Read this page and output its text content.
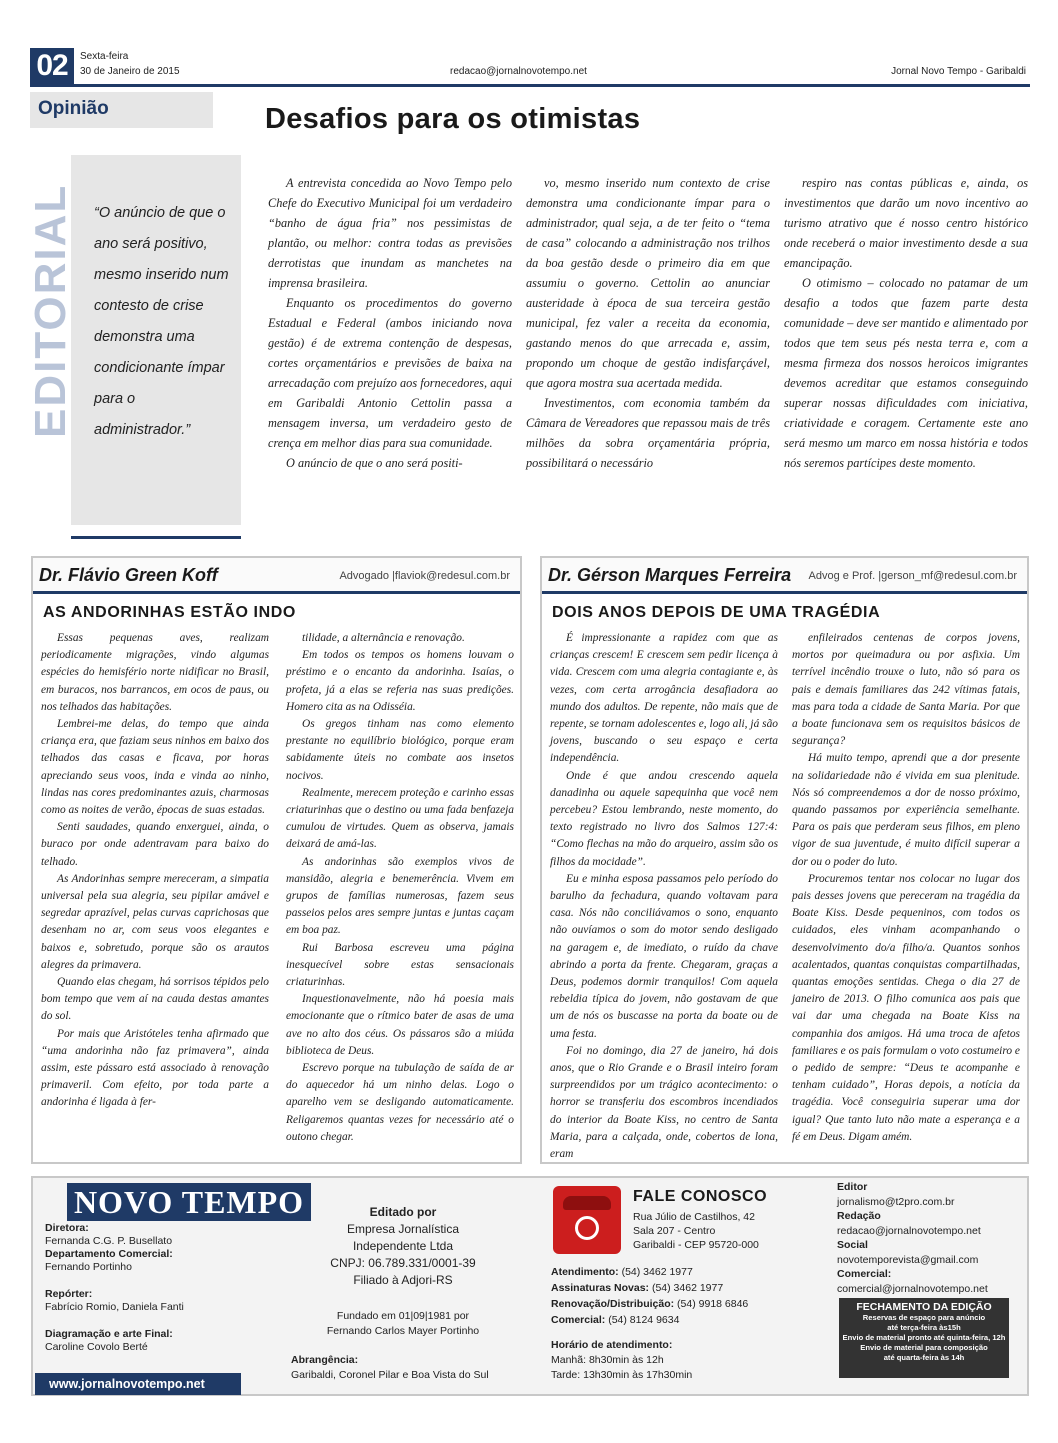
02	Sexta-feira
30 de Janeiro de 2015	redacao@jornalnovotempo.net	Jornal Novo Tempo - Garibaldi
Opinião	Desafios para os otimistas
EDITORIAL “O anúncio de que o ano será positivo, mesmo inserido num contesto de crise demonstra uma condicionante ímpar para o administrador.”

A entrevista concedida ao Novo Tempo pelo Chefe do Executivo Municipal foi um verdadeiro “banho de água fria” nos pessimistas de plantão, ou melhor: contra todas as previsões derrotistas que inundam as manchetes na imprensa brasileira.

Enquanto os procedimentos do governo Estadual e Federal (ambos iniciando nova gestão) é de extrema contenção de despesas, cortes orçamentários e previsões de baixa na arrecadação com prejuízo aos fornecedores, aqui em Garibaldi Antonio Cettolin passa a mensagem inversa, um verdadeiro gesto de crença em melhor dias para sua comunidade.

O anúncio de que o ano será positi-

vo, mesmo inserido num contexto de crise demonstra uma condicionante ímpar para o administrador, qual seja, a de ter feito o “tema de casa” colocando a administração nos trilhos da boa gestão desde o primeiro dia em que assumiu o governo. Cettolin ao anunciar austeridade à época de sua terceira gestão municipal, fez valer a receita da economia, gastando menos do que arrecada e, assim, propondo um choque de gestão indisfarçável, que agora mostra sua acertada medida.

Investimentos, com economia também da Câmara de Vereadores que repassou mais de três milhões da sobra orçamentária própria, possibilitará o necessário

respiro nas contas públicas e, ainda, os investimentos que darão um novo incentivo ao turismo atrativo que é nosso centro histórico onde receberá o maior investimento desde a sua emancipação.

O otimismo – colocado no patamar de um desafio a todos que fazem parte desta comunidade – deve ser mantido e alimentado por todos que tem seus pés nesta terra e, com a mesma firmeza dos nossos heroicos imigrantes devemos acreditar que estamos conseguindo superar nossas dificuldades com iniciativa, criatividade e coragem. Certamente este ano será mesmo um marco em nossa história e todos nós seremos partícipes deste momento.

Dr. Flávio Green Koff	Advogado |flaviok@redesul.com.br
AS ANDORINHAS ESTÃO INDO

Essas pequenas aves, realizam periodicamente migrações, vindo algumas espécies do hemisfério norte nidificar no Brasil, em buracos, nos barrancos, em ocos de paus, ou nos telhados das habitações.

Lembrei-me delas, do tempo que ainda criança era, que faziam seus ninhos em baixo dos telhados das casas e ficava, por horas apreciando seus voos, inda e vinda ao ninho, lindas nas cores predominantes azuis, charmosas como as noites de verão, épocas de suas estadas.

Senti saudades, quando enxerguei, ainda, o buraco por onde adentravam para baixo do telhado.

As Andorinhas sempre mereceram, a simpatia universal pela sua alegria, seu pipilar amável e segredar aprazível, pelas curvas caprichosas que desenham no ar, com seus voos elegantes e baixos e, sobretudo, porque são os arautos alegres da primavera.

Quando elas chegam, há sorrisos tépidos pelo bom tempo que vem aí na cauda destas amantes do sol.

Por mais que Aristóteles tenha afirmado que “uma andorinha não faz primavera”, ainda assim, este pássaro está associado à renovação primaveril. Com efeito, por toda parte a andorinha é ligada à fer-

tilidade, a alternância e renovação.

Em todos os tempos os homens louvam o préstimo e o encanto da andorinha. Isaías, o profeta, já a elas se referia nas suas predições. Homero cita as na Odisséia.

Os gregos tinham nas como elemento prestante no equilíbrio biológico, porque eram sabidamente úteis no combate aos insetos nocivos.

Realmente, merecem proteção e carinho essas criaturinhas que o destino ou uma fada benfazeja cumulou de virtudes. Quem as observa, jamais deixará de amá-las.

As andorinhas são exemplos vivos de mansidão, alegria e benemerência. Vivem em grupos de famílias numerosas, fazem seus passeios pelos ares sempre juntas e juntas caçam em boa paz.

Rui Barbosa escreveu uma página inesquecível sobre estas sensacionais criaturinhas.

Inquestionavelmente, não há poesia mais emocionante que o rítmico bater de asas de uma ave no alto dos céus. Os pássaros são a miúda biblioteca de Deus.

Escrevo porque na tubulação de saída de ar do aquecedor há um ninho delas. Logo o aparelho vem se desligando automaticamente. Religaremos quantas vezes for necessário até o outono chegar.

Dr. Gérson Marques Ferreira Advog e Prof. |gerson_mf@redesul.com.br
DOIS ANOS DEPOIS DE UMA TRAGÉDIA

É impressionante a rapidez com que as crianças crescem! E crescem sem pedir licença à vida. Crescem com uma alegria contagiante e, às vezes, com certa arrogância desafiadora ao mundo dos adultos. De repente, não mais que de repente, se tornam adolescentes e, logo ali, já são jovens, buscando o seu espaço e certa independência.

Onde é que andou crescendo aquela danadinha ou aquele sapequinha que você nem percebeu? Estou lembrando, neste momento, do texto registrado no livro dos Salmos 127:4: “Como flechas na mão do arqueiro, assim são os filhos da mocidade”.

Eu e minha esposa passamos pelo período do barulho da fechadura, quando voltavam para casa. Nós não conciliávamos o sono, enquanto não ouvíamos o som do motor sendo desligado na garagem e, de imediato, o ruído da chave abrindo a porta da frente. Chegaram, graças a Deus, podemos dormir tranquilos! Com aquela rebeldia típica do jovem, não gostavam de que um de nós os buscasse na porta da boate ou de uma festa.

Foi no domingo, dia 27 de janeiro, há dois anos, que o Rio Grande e o Brasil inteiro foram surpreendidos por um trágico acontecimento: o horror se transferiu dos escombros incendiados do interior da Boate Kiss, no centro de Santa Maria, para a calçada, onde, cobertos de lona, eram

enfileirados centenas de corpos jovens, mortos por queimadura ou por asfixia. Um terrível incêndio trouxe o luto, não só para os pais e demais familiares das 242 vítimas fatais, mas para toda a cidade de Santa Maria. Por que a boate funcionava sem os requisitos básicos de segurança?

Há muito tempo, aprendi que a dor presente na solidariedade não é vivida em sua plenitude. Nós só compreendemos a dor de nosso próximo, quando passamos por experiência semelhante. Para os pais que perderam seus filhos, em pleno vigor de sua juventude, é muito difícil superar a dor ou o poder do luto.

Procuremos tentar nos colocar no lugar dos pais desses jovens que pereceram na tragédia da Boate Kiss. Desde pequeninos, com todos os cuidados, eles vinham acompanhando o desenvolvimento do/a filho/a. Quantos sonhos acalentados, quantas conquistas compartilhadas, quantas emoções sentidas. Chega o dia 27 de janeiro de 2013. O filho comunica aos pais que vai dar uma chegada na Boate Kiss na companhia dos amigos. Há uma troca de afetos familiares e os pais formulam o voto costumeiro e o pedido de sempre: “Deus te acompanhe e tenham cuidado”, Horas depois, a notícia da tragédia. Você conseguiria superar uma dor igual? Que tanto luto não mate a esperança e a fé em Deus. Digam amém.

NOVO TEMPO
Diretora:
Fernanda C.G. P. Busellato
Departamento Comercial:
Fernando Portinho
Repórter:
Fabrício Romio, Daniela Fanti
Diagramação e arte Final:
Caroline Covolo Berté
www.jornalnovotempo.net
Editado por
Empresa Jornalística
Independente Ltda
CNPJ: 06.789.331/0001-39
Filiado à Adjori-RS
Fundado em 01|09|1981 por
Fernando Carlos Mayer Portinho
Abrangência:
Garibaldi, Coronel Pilar e Boa Vista do Sul
FALE CONOSCO
Rua Júlio de Castilhos, 42
Sala 207 - Centro
Garibaldi - CEP 95720-000
Atendimento: (54) 3462 1977
Assinaturas Novas: (54) 3462 1977
Renovação/Distribuição: (54) 9918 6846
Comercial: (54) 8124 9634
Horário de atendimento:
Manhã: 8h30min às 12h
Tarde: 13h30min às 17h30min
Editor
jornalismo@t2pro.com.br
Redação
redacao@jornalnovotempo.net
Social
novotemporevista@gmail.com
Comercial:
comercial@jornalnovotempo.net
FECHAMENTO DA EDIÇÃO
Reservas de espaço para anúncio
até terça-feira às15h
Envio de material pronto até quinta-feira, 12h
Envio de material para composição
até quarta-feira às 14h
